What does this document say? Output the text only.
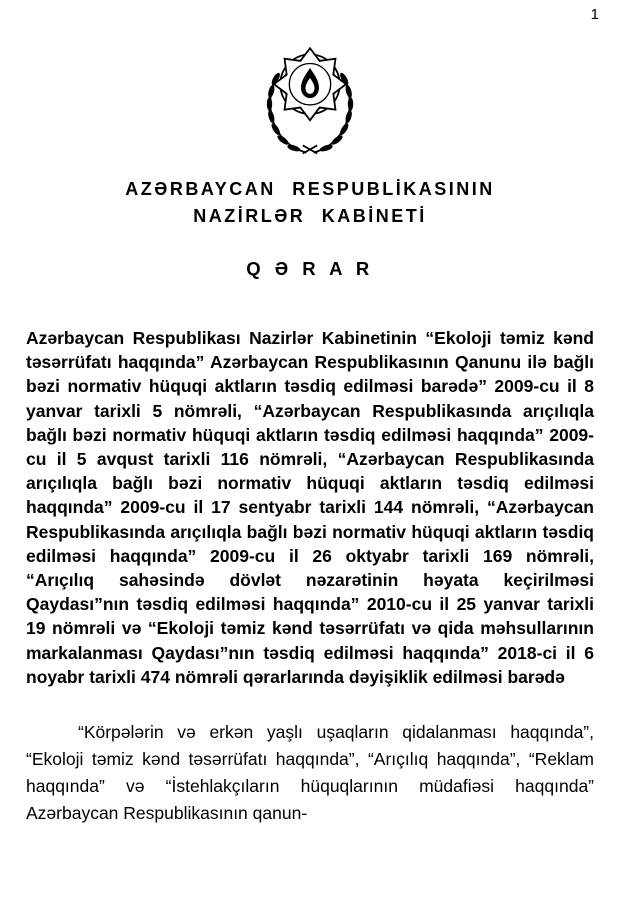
1
AZƏRBAYCAN RESPUBLİKASININ
NAZİRLƏR KABİNETİ
Q Ə R A R

Azərbaycan Respublikası Nazirlər Kabinetinin “Ekoloji təmiz kənd təsərrüfatı haqqında” Azərbaycan Respublikasının Qanunu ilə bağlı bəzi normativ hüquqi aktların təsdiq edilməsi barədə” 2009-cu il 8 yanvar tarixli 5 nömrəli, “Azərbaycan Respublikasında arıçılıqla bağlı bəzi normativ hüquqi aktların təsdiq edilməsi haqqında” 2009-cu il 5 avqust tarixli 116 nömrəli, “Azərbaycan Respublikasında arıçılıqla bağlı bəzi normativ hüquqi aktların təsdiq edilməsi haqqında” 2009-cu il 17 sentyabr tarixli 144 nömrəli, “Azərbaycan Respublikasında arıçılıqla bağlı bəzi normativ hüquqi aktların təsdiq edilməsi haqqında” 2009-cu il 26 oktyabr tarixli 169 nömrəli, “Arıçılıq sahəsində dövlət nəzarətinin həyata keçirilməsi Qaydası”nın təsdiq edilməsi haqqında” 2010-cu il 25 yanvar tarixli 19 nömrəli və “Ekoloji təmiz kənd təsərrüfatı və qida məhsullarının markalanması Qaydası”nın təsdiq edilməsi haqqında” 2018-ci il 6 noyabr tarixli 474 nömrəli qərarlarında dəyişiklik edilməsi barədə

“Körpələrin və erkən yaşlı uşaqların qidalanması haqqında”, “Ekoloji təmiz kənd təsərrüfatı haqqında”, “Arıçılıq haqqında”, “Reklam haqqında” və “İstehlakçıların hüquqlarının müdafiəsi haqqında” Azərbaycan Respublikasının qanun-
